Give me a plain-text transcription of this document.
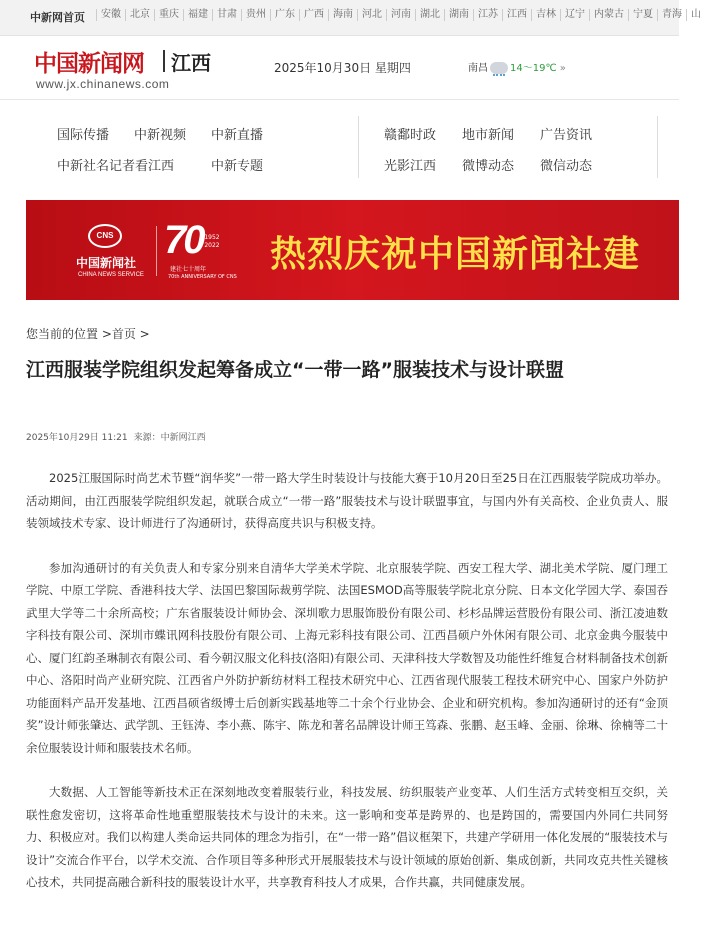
中新网首页	安徽 北京 重庆 福建 甘肃 贵州 广东 广西 海南 河北 河南 湖北 湖南 江苏 江西 吉林 辽宁 内蒙古 宁夏 青海 山
中国新闻网 江西
www.jx.chinanews.com
2025年10月30日 星期四	南昌 14～19℃ »
国际传播 中新视频 中新直播
中新社名记者看江西	中新专题
赣鄱时政 地市新闻 广告资讯
光影江西 微博动态 微信动态
CNS
中国新闻社
CHINA NEWS SERVICE
70 1952 2022
建社七十周年
70th ANNIVERSARY OF CNS
热烈庆祝中国新闻社建
您当前的位置 >首页 >
江西服装学院组织发起筹备成立“一带一路”服装技术与设计联盟
2025年10月29日 11:21 来源：中新网江西

2025江服国际时尚艺术节暨“润华奖”一带一路大学生时装设计与技能大赛于10月20日至25日在江西服装学院成功举办。活动期间，由江西服装学院组织发起，就联合成立“一带一路”服装技术与设计联盟事宜，与国内外有关高校、企业负责人、服装领域技术专家、设计师进行了沟通研讨，获得高度共识与积极支持。

参加沟通研讨的有关负责人和专家分别来自清华大学美术学院、北京服装学院、西安工程大学、湖北美术学院、厦门理工学院、中原工学院、香港科技大学、法国巴黎国际裁剪学院、法国ESMOD高等服装学院北京分院、日本文化学园大学、泰国吞武里大学等二十余所高校；广东省服装设计师协会、深圳歌力思服饰股份有限公司、杉杉品牌运营股份有限公司、浙江凌迪数字科技有限公司、深圳市蝶讯网科技股份有限公司、上海元彩科技有限公司、江西昌硕户外休闲有限公司、北京金典今服装中心、厦门红韵圣琳制衣有限公司、看今朝汉服文化科技(洛阳)有限公司、天津科技大学数智及功能性纤维复合材料制备技术创新中心、洛阳时尚产业研究院、江西省户外防护新纺材料工程技术研究中心、江西省现代服装工程技术研究中心、国家户外防护功能面料产品开发基地、江西昌硕省级博士后创新实践基地等二十余个行业协会、企业和研究机构。参加沟通研讨的还有“金顶奖”设计师张肇达、武学凯、王钰涛、李小燕、陈宇、陈龙和著名品牌设计师王笃森、张鹏、赵玉峰、金丽、徐琳、徐楠等二十余位服装设计师和服装技术名师。

大数据、人工智能等新技术正在深刻地改变着服装行业，科技发展、纺织服装产业变革、人们生活方式转变相互交织，关联性愈发密切，这将革命性地重塑服装技术与设计的未来。这一影响和变革是跨界的、也是跨国的，需要国内外同仁共同努力、积极应对。我们以构建人类命运共同体的理念为指引，在“一带一路”倡议框架下，共建产学研用一体化发展的“服装技术与设计”交流合作平台，以学术交流、合作项目等多种形式开展服装技术与设计领域的原始创新、集成创新，共同攻克共性关键核心技术，共同提高融合新科技的服装设计水平，共享教育科技人才成果，合作共赢，共同健康发展。
